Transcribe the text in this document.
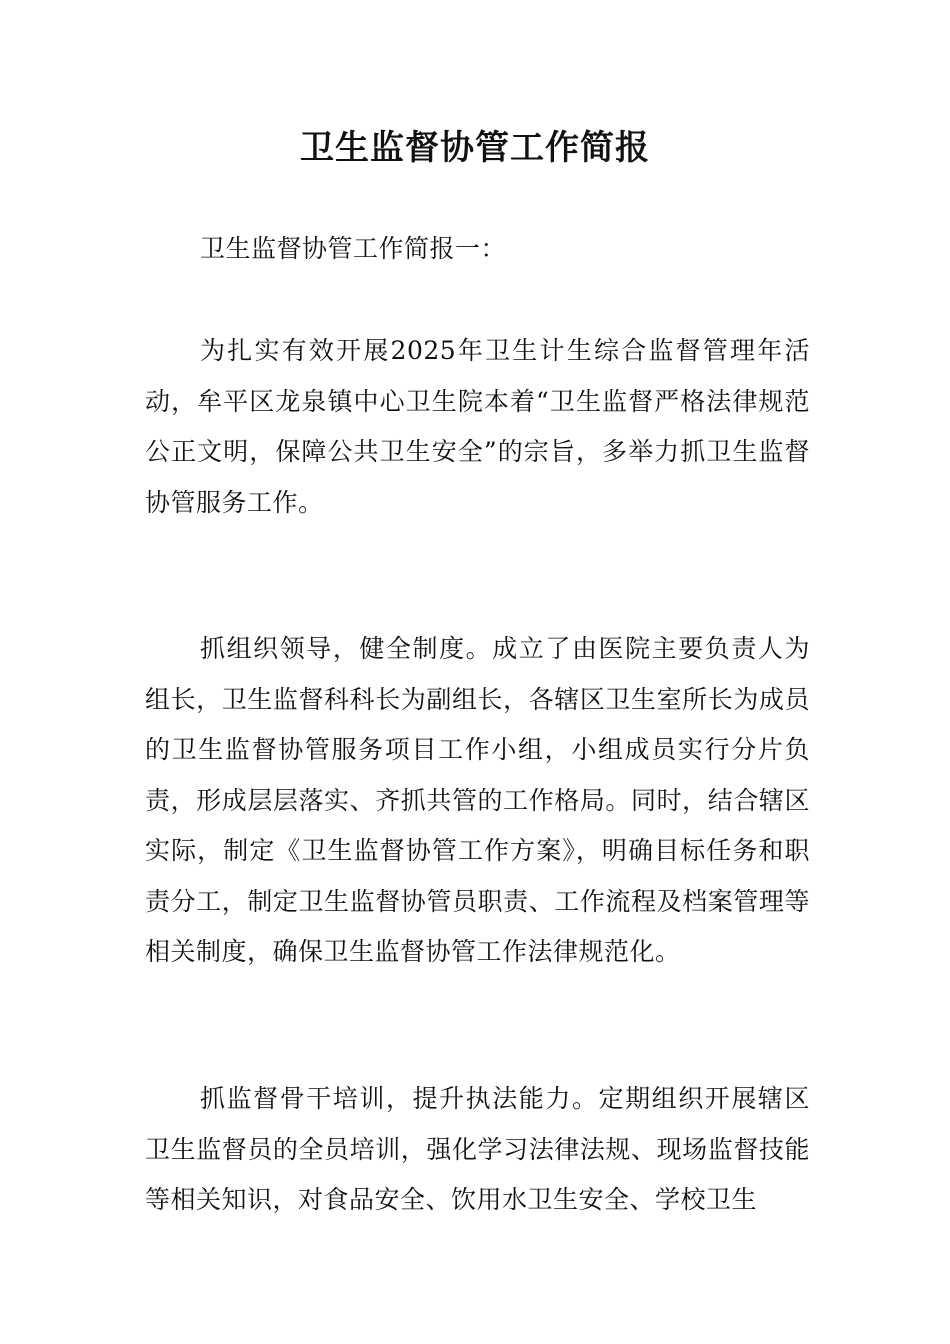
卫生监督协管工作简报

卫生监督协管工作简报一：

为扎实有效开展2025年卫生计生综合监督管理年活动，牟平区龙泉镇中心卫生院本着“卫生监督严格法律规范公正文明，保障公共卫生安全”的宗旨，多举力抓卫生监督协管服务工作。

抓组织领导，健全制度。成立了由医院主要负责人为组长，卫生监督科科长为副组长，各辖区卫生室所长为成员的卫生监督协管服务项目工作小组，小组成员实行分片负责，形成层层落实、齐抓共管的工作格局。同时，结合辖区实际，制定《卫生监督协管工作方案》，明确目标任务和职责分工，制定卫生监督协管员职责、工作流程及档案管理等相关制度，确保卫生监督协管工作法律规范化。

抓监督骨干培训，提升执法能力。定期组织开展辖区卫生监督员的全员培训，强化学习法律法规、现场监督技能等相关知识，对食品安全、饮用水卫生安全、学校卫生
